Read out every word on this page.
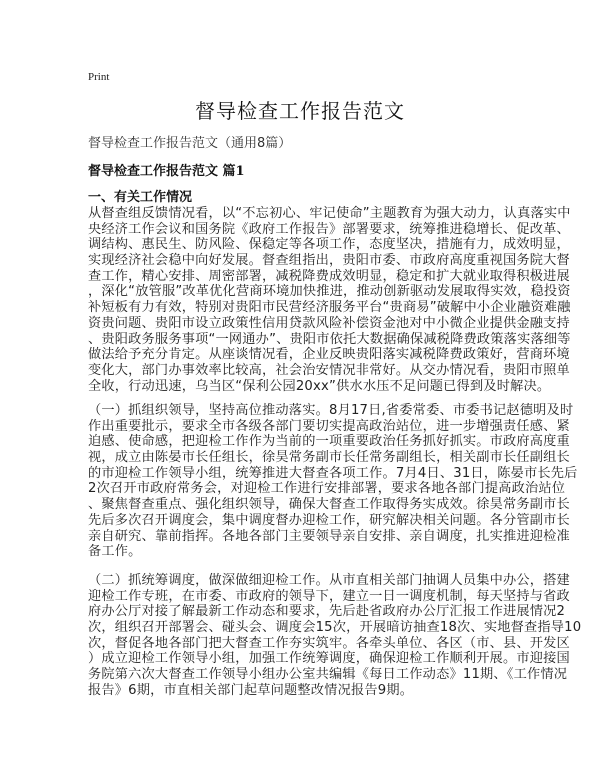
Print
督导检查工作报告范文
督导检查工作报告范文（通用8篇）
督导检查工作报告范文 篇1
一、有关工作情况
从督查组反馈情况看，以“不忘初心、牢记使命”主题教育为强大动力，认真落实中
央经济工作会议和国务院《政府工作报告》部署要求，统筹推进稳增长、促改革、
调结构、惠民生、防风险、保稳定等各项工作，态度坚决，措施有力，成效明显，
实现经济社会稳中向好发展。督查组指出，贵阳市委、市政府高度重视国务院大督
查工作，精心安排、周密部署，减税降费成效明显，稳定和扩大就业取得积极进展
，深化“放管服”改革优化营商环境加快推进，推动创新驱动发展取得实效，稳投资
补短板有力有效，特别对贵阳市民营经济服务平台“贵商易”破解中小企业融资难融
资贵问题、贵阳市设立政策性信用贷款风险补偿资金池对中小微企业提供金融支持
、贵阳政务服务事项“一网通办”、贵阳市依托大数据确保减税降费政策落实落细等
做法给予充分肯定。从座谈情况看，企业反映贵阳落实减税降费政策好，营商环境
变化大，部门办事效率比较高，社会治安情况非常好。从交办情况看，贵阳市照单
全收，行动迅速，乌当区“保利公园20xx”供水水压不足问题已得到及时解决。
（一）抓组织领导，坚持高位推动落实。8月17日,省委常委、市委书记赵德明及时
作出重要批示，要求全市各级各部门要切实提高政治站位，进一步增强责任感、紧
迫感、使命感，把迎检工作作为当前的一项重要政治任务抓好抓实。市政府高度重
视，成立由陈晏市长任组长，徐昊常务副市长任常务副组长，相关副市长任副组长
的市迎检工作领导小组，统筹推进大督查各项工作。7月4日、31日，陈晏市长先后
2次召开市政府常务会，对迎检工作进行安排部署，要求各地各部门提高政治站位
、聚焦督查重点、强化组织领导，确保大督查工作取得务实成效。徐昊常务副市长
先后多次召开调度会，集中调度督办迎检工作，研究解决相关问题。各分管副市长
亲自研究、靠前指挥。各地各部门主要领导亲自安排、亲自调度，扎实推进迎检准
备工作。
（二）抓统筹调度，做深做细迎检工作。从市直相关部门抽调人员集中办公，搭建
迎检工作专班，在市委、市政府的领导下，建立一日一调度机制，每天坚持与省政
府办公厅对接了解最新工作动态和要求，先后赴省政府办公厅汇报工作进展情况2
次，组织召开部署会、碰头会、调度会15次，开展暗访抽查18次、实地督查指导10
次，督促各地各部门把大督查工作夯实筑牢。各牵头单位、各区（市、县、开发区
）成立迎检工作领导小组，加强工作统筹调度，确保迎检工作顺利开展。市迎接国
务院第六次大督查工作领导小组办公室共编辑《每日工作动态》11期、《工作情况
报告》6期，市直相关部门起草问题整改情况报告9期。
